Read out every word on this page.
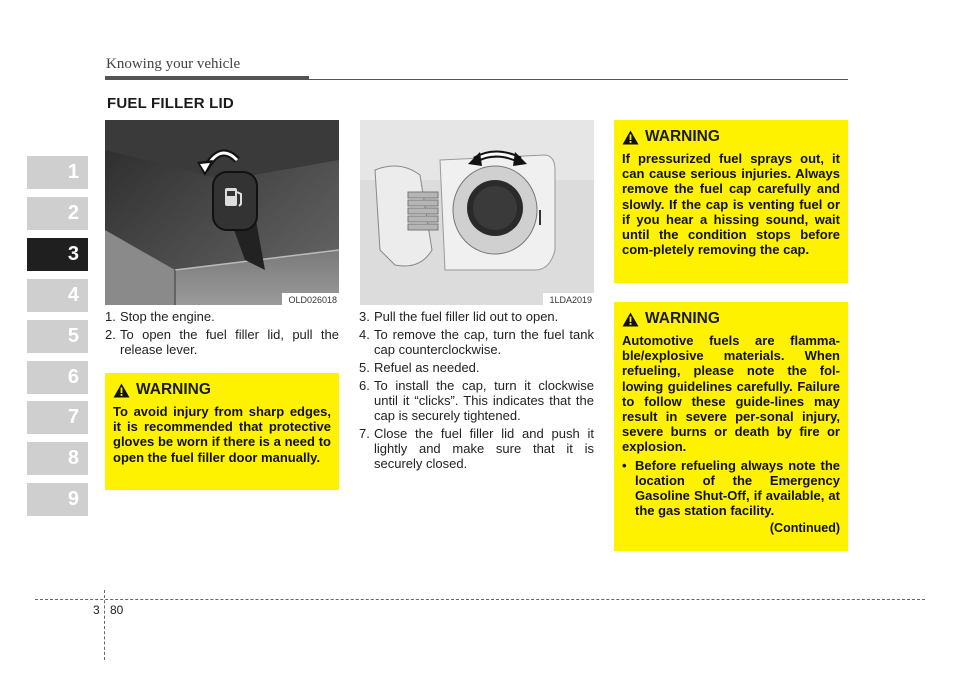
Knowing your vehicle
FUEL FILLER LID
1
2
3
4
5
6
7
8
9
OLD026018	1LDA2019
1. Stop the engine.
2. To open the fuel filler lid, pull the release lever.
WARNING
To avoid injury from sharp edges, it is recommended that protective gloves be worn if there is a need to open the fuel filler door manually.
3. Pull the fuel filler lid out to open.
4. To remove the cap, turn the fuel tank cap counterclockwise.
5. Refuel as needed.
6. To install the cap, turn it clockwise until it “clicks”. This indicates that the cap is securely tightened.
7. Close the fuel filler lid and push it lightly and make sure that it is securely closed.
WARNING
If pressurized fuel sprays out, it can cause serious injuries. Always remove the fuel cap carefully and slowly. If the cap is venting fuel or if you hear a hissing sound, wait until the condition stops before com-pletely removing the cap.
WARNING
Automotive fuels are flamma-ble/explosive materials. When refueling, please note the fol-lowing guidelines carefully. Failure to follow these guide-lines may result in severe per-sonal injury, severe burns or death by fire or explosion.
• Before refueling always note the location of the Emergency Gasoline Shut-Off, if available, at the gas station facility.
(Continued)
3 80
